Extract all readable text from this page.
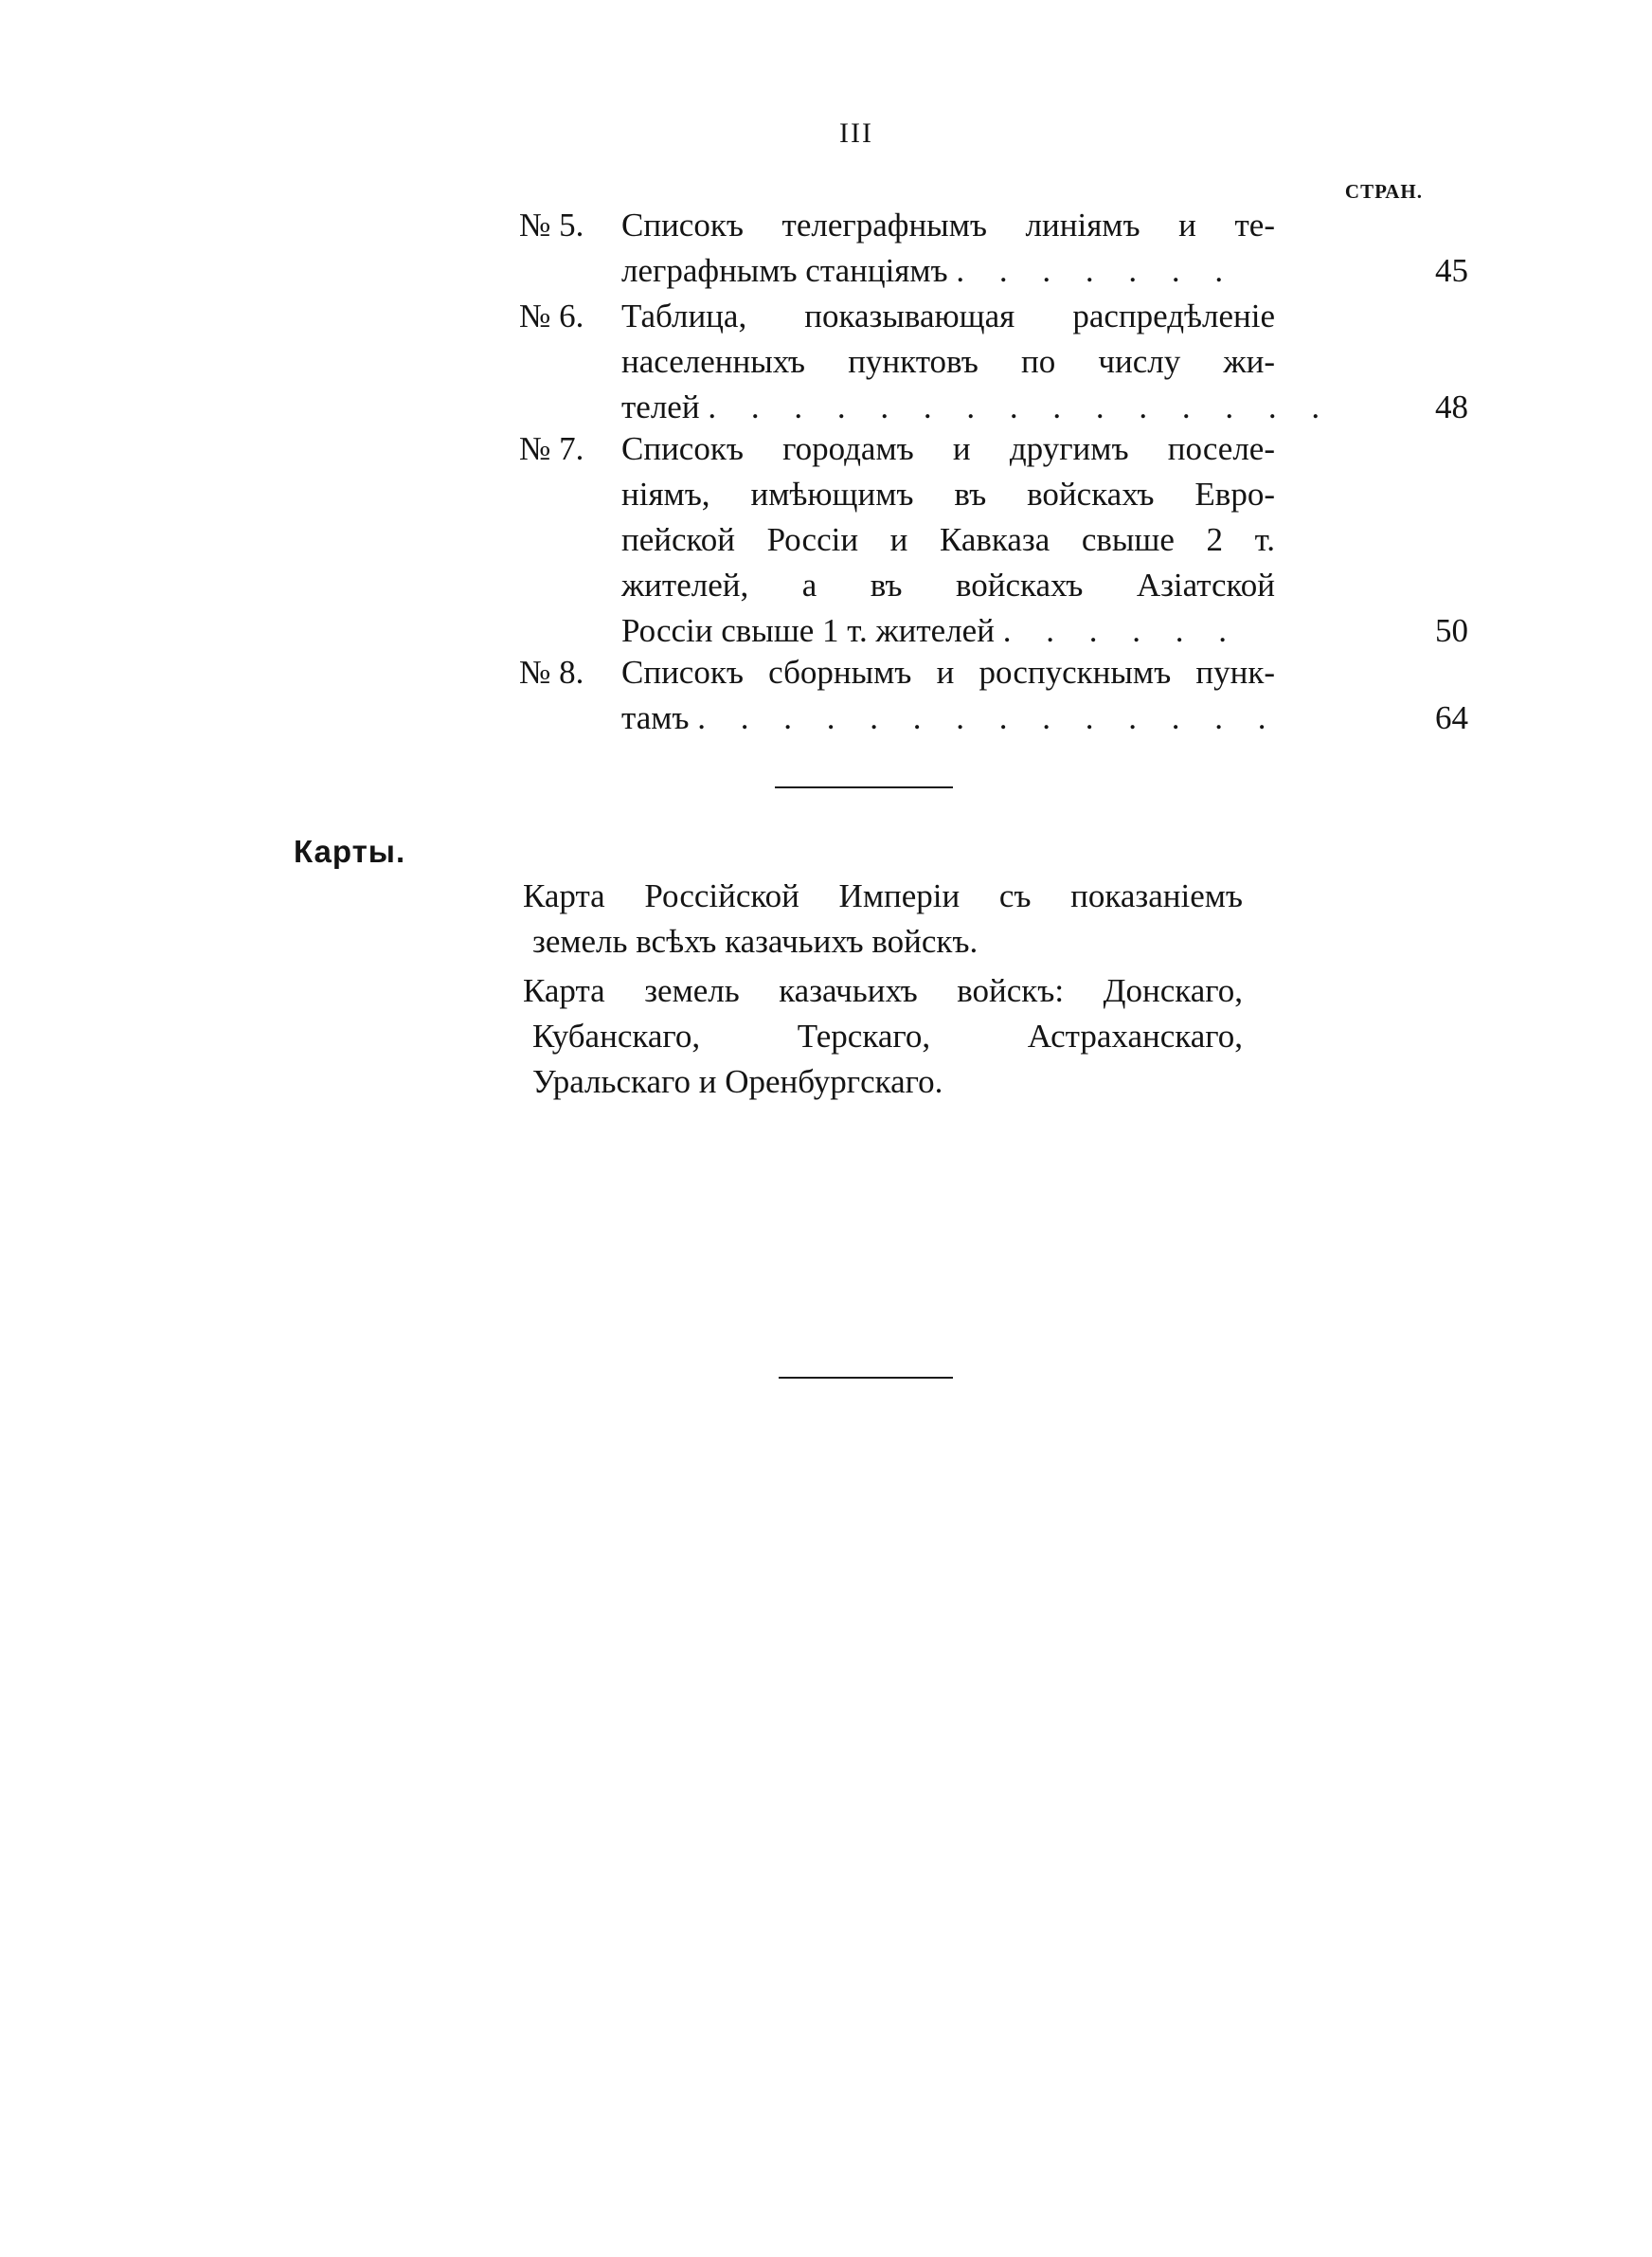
III
СТРАН.
№ 5.	Списокъ телеграфнымъ линіямъ и те-
леграфнымъ станціямъ . . . . . . .	45
№ 6.	Таблица, показывающая распредѣленіе
населенныхъ пунктовъ по числу жи-
телей . . . . . . . . . . . . . . .	48
№ 7.	Списокъ городамъ и другимъ поселе-
ніямъ, имѣющимъ въ войскахъ Евро-
пейской Россіи и Кавказа свыше 2 т.
жителей, а въ войскахъ Азіатской
Россіи свыше 1 т. жителей . . . . . .	50
№ 8.	Списокъ сборнымъ и роспускнымъ пунк-
тамъ . . . . . . . . . . . . . .	64
Карты.
Карта Россійской Имперіи съ показаніемъ
земель всѣхъ казачьихъ войскъ.
Карта земель казачьихъ войскъ: Донскаго,
Кубанскаго, Терскаго, Астраханскаго,
Уральскаго и Оренбургскаго.
